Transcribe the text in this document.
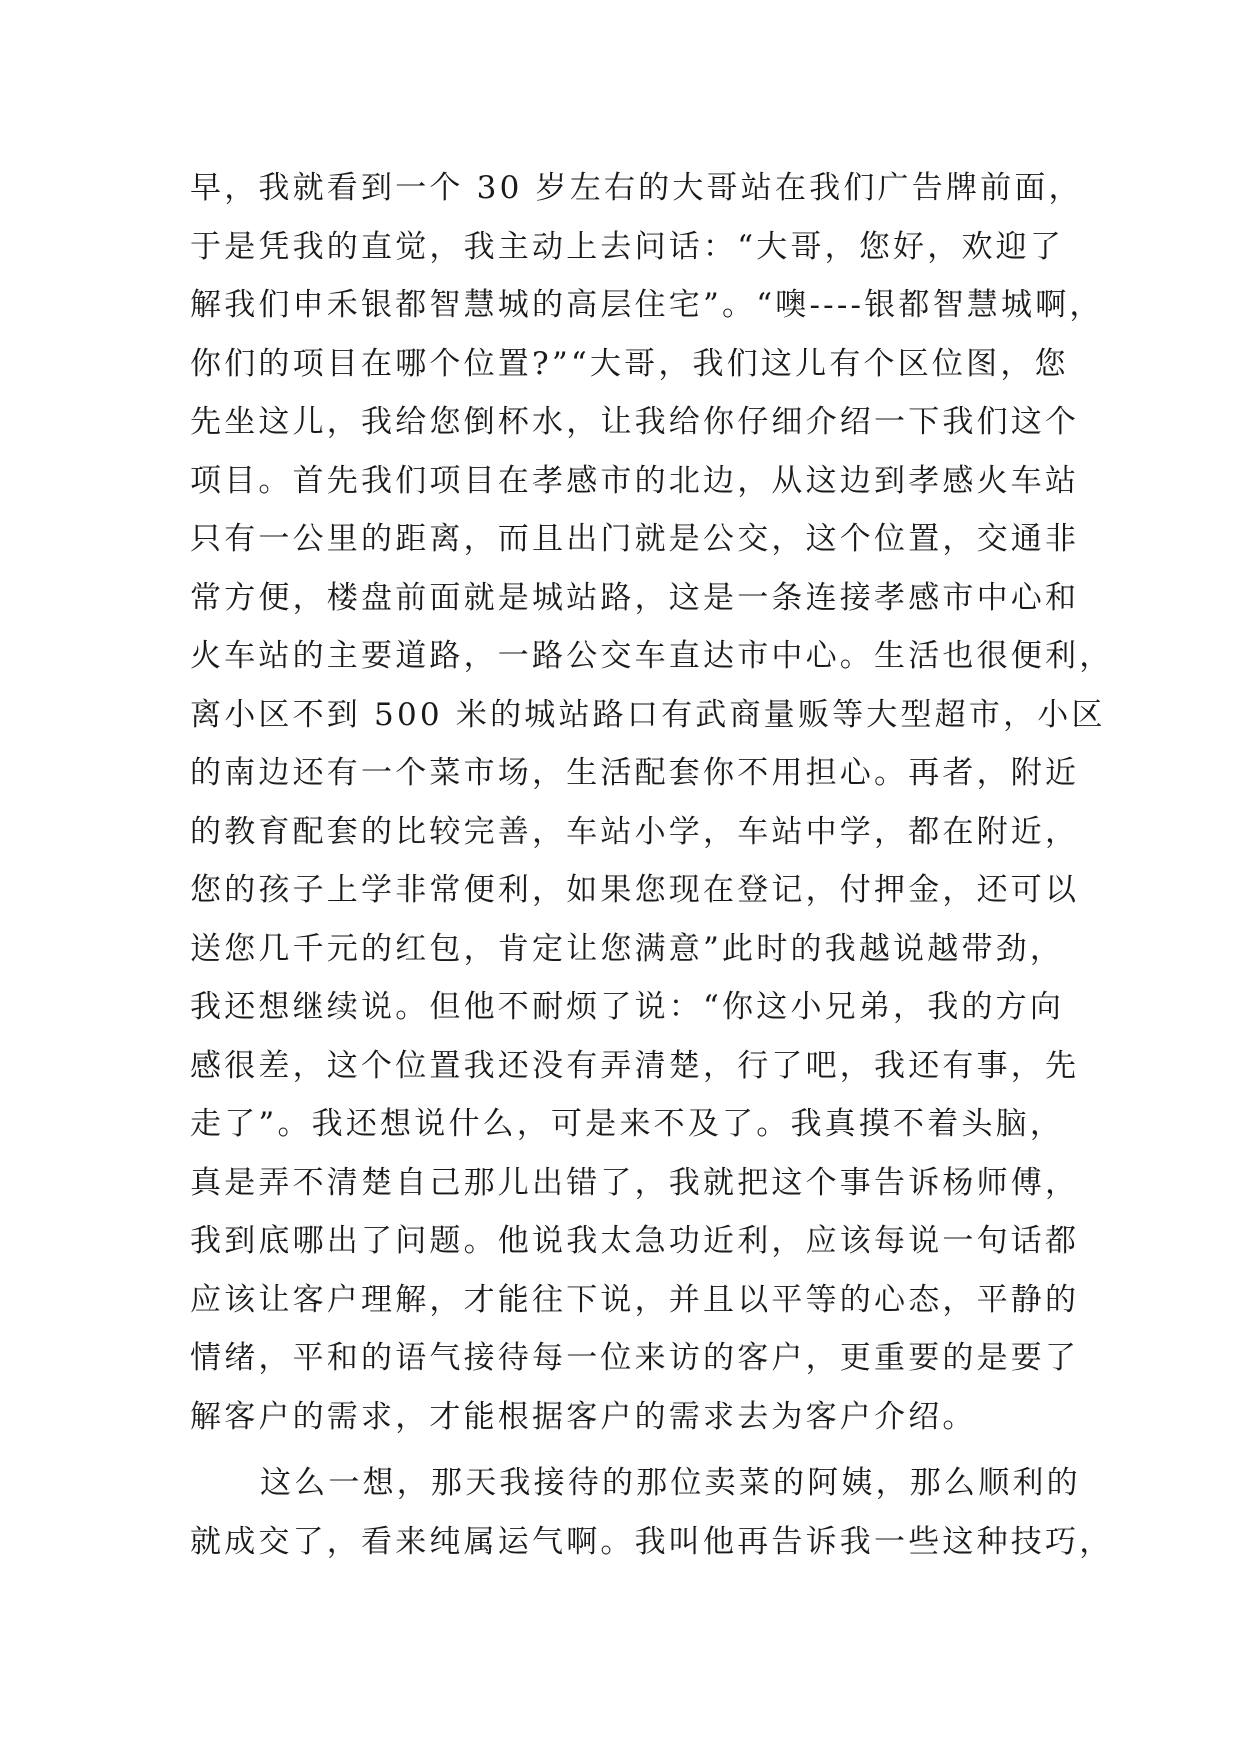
早，我就看到一个 30 岁左右的大哥站在我们广告牌前面，
于是凭我的直觉，我主动上去问话：“大哥，您好，欢迎了
解我们申禾银都智慧城的高层住宅”。“噢----银都智慧城啊，
你们的项目在哪个位置?”“大哥，我们这儿有个区位图，您
先坐这儿，我给您倒杯水，让我给你仔细介绍一下我们这个
项目。首先我们项目在孝感市的北边，从这边到孝感火车站
只有一公里的距离，而且出门就是公交，这个位置，交通非
常方便，楼盘前面就是城站路，这是一条连接孝感市中心和
火车站的主要道路，一路公交车直达市中心。生活也很便利，
离小区不到 500 米的城站路口有武商量贩等大型超市，小区
的南边还有一个菜市场，生活配套你不用担心。再者，附近
的教育配套的比较完善，车站小学，车站中学，都在附近，
您的孩子上学非常便利，如果您现在登记，付押金，还可以
送您几千元的红包，肯定让您满意”此时的我越说越带劲，
我还想继续说。但他不耐烦了说：“你这小兄弟，我的方向
感很差，这个位置我还没有弄清楚，行了吧，我还有事，先
走了”。我还想说什么，可是来不及了。我真摸不着头脑，
真是弄不清楚自己那儿出错了，我就把这个事告诉杨师傅，
我到底哪出了问题。他说我太急功近利，应该每说一句话都
应该让客户理解，才能往下说，并且以平等的心态，平静的
情绪，平和的语气接待每一位来访的客户，更重要的是要了
解客户的需求，才能根据客户的需求去为客户介绍。
这么一想，那天我接待的那位卖菜的阿姨，那么顺利的
就成交了，看来纯属运气啊。我叫他再告诉我一些这种技巧，
